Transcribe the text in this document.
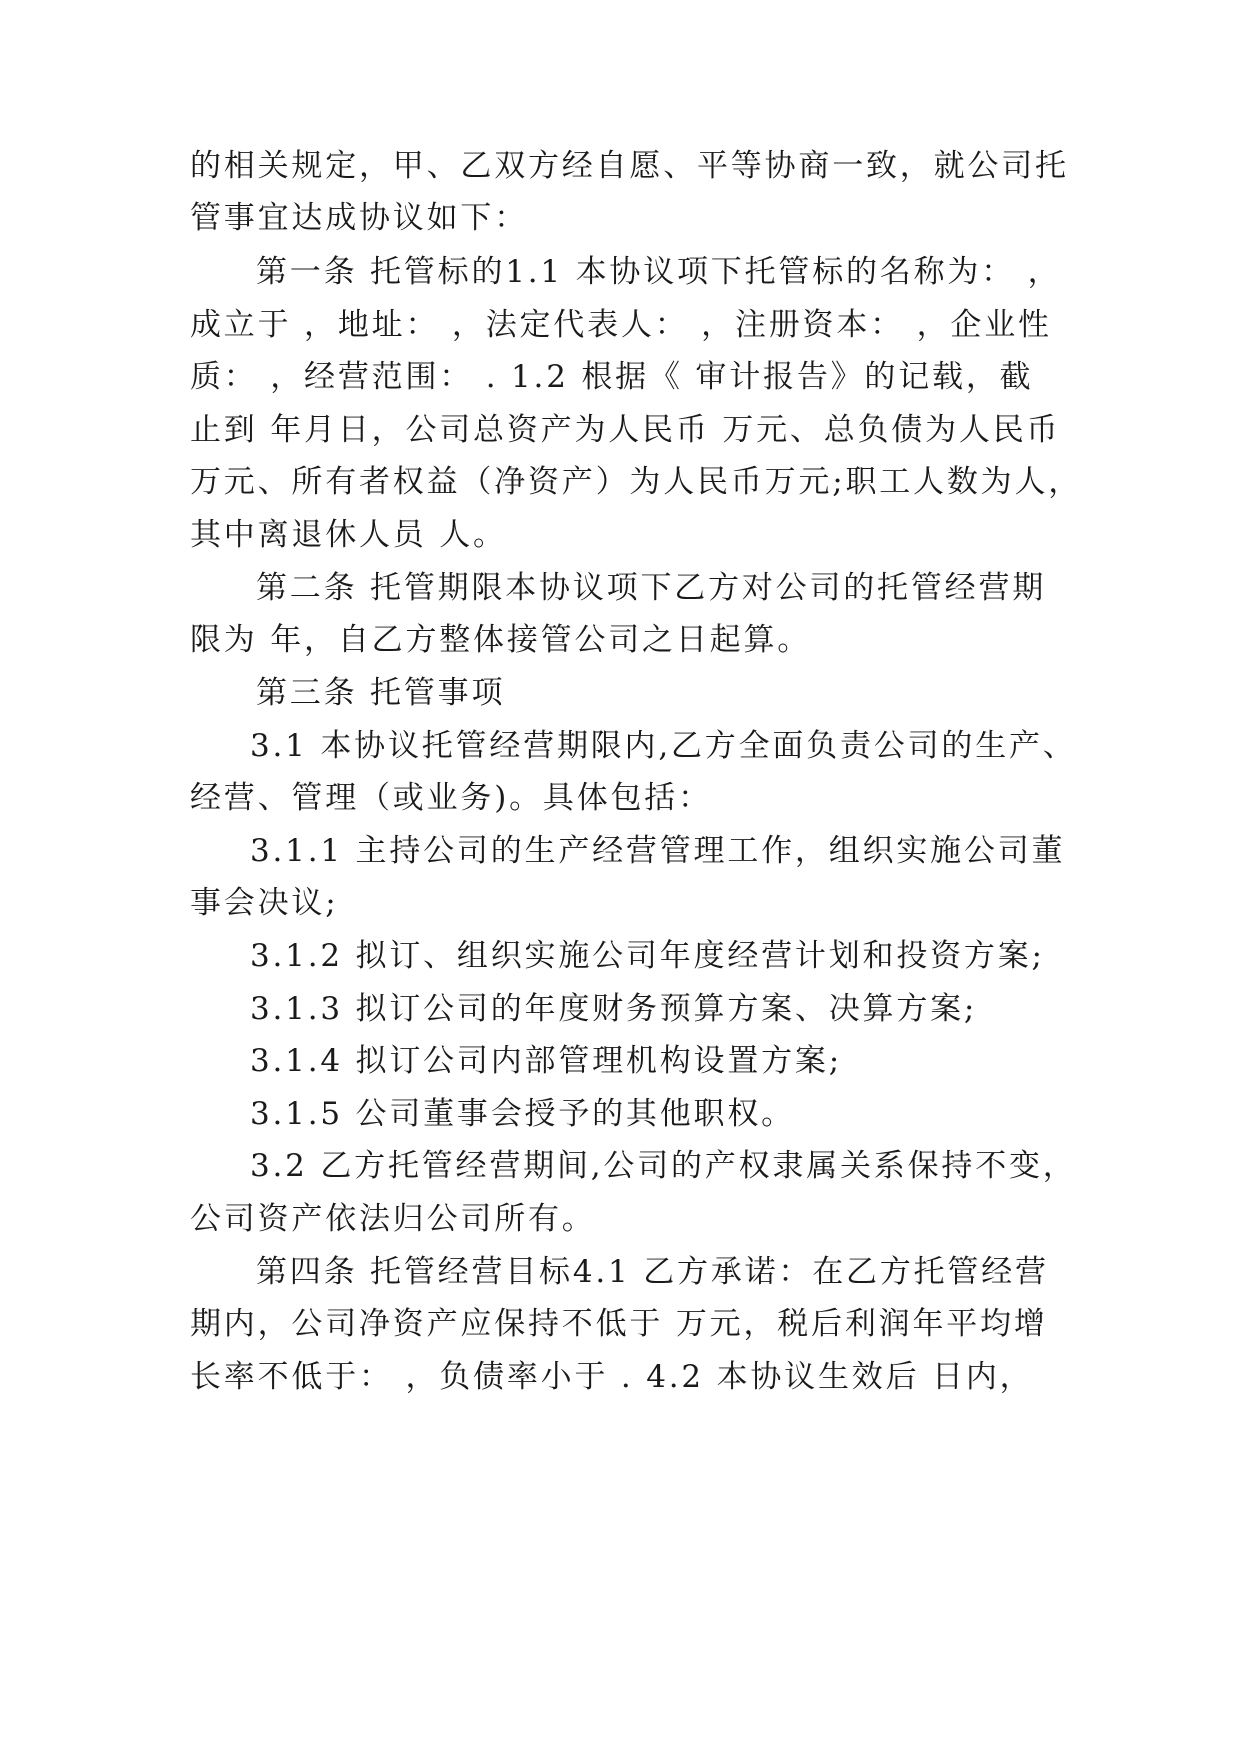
的相关规定，甲、乙双方经自愿、平等协商一致，就公司托
管事宜达成协议如下：
第一条 托管标的1.1 本协议项下托管标的名称为： ，
成立于 ，地址： ，法定代表人： ，注册资本： ，企业性
质： ，经营范围： . 1.2 根据《 审计报告》的记载，截
止到 年月日，公司总资产为人民币 万元、总负债为人民币
万元、所有者权益（净资产）为人民币万元;职工人数为人，
其中离退休人员 人。
第二条 托管期限本协议项下乙方对公司的托管经营期
限为 年，自乙方整体接管公司之日起算。
第三条 托管事项
3.1 本协议托管经营期限内,乙方全面负责公司的生产、
经营、管理（或业务)。具体包括：
3.1.1 主持公司的生产经营管理工作，组织实施公司董
事会决议;
3.1.2 拟订、组织实施公司年度经营计划和投资方案;
3.1.3 拟订公司的年度财务预算方案、决算方案;
3.1.4 拟订公司内部管理机构设置方案;
3.1.5 公司董事会授予的其他职权。
3.2 乙方托管经营期间,公司的产权隶属关系保持不变，
公司资产依法归公司所有。
第四条 托管经营目标4.1 乙方承诺：在乙方托管经营
期内，公司净资产应保持不低于 万元，税后利润年平均增
长率不低于： ，负债率小于 . 4.2 本协议生效后 日内，
